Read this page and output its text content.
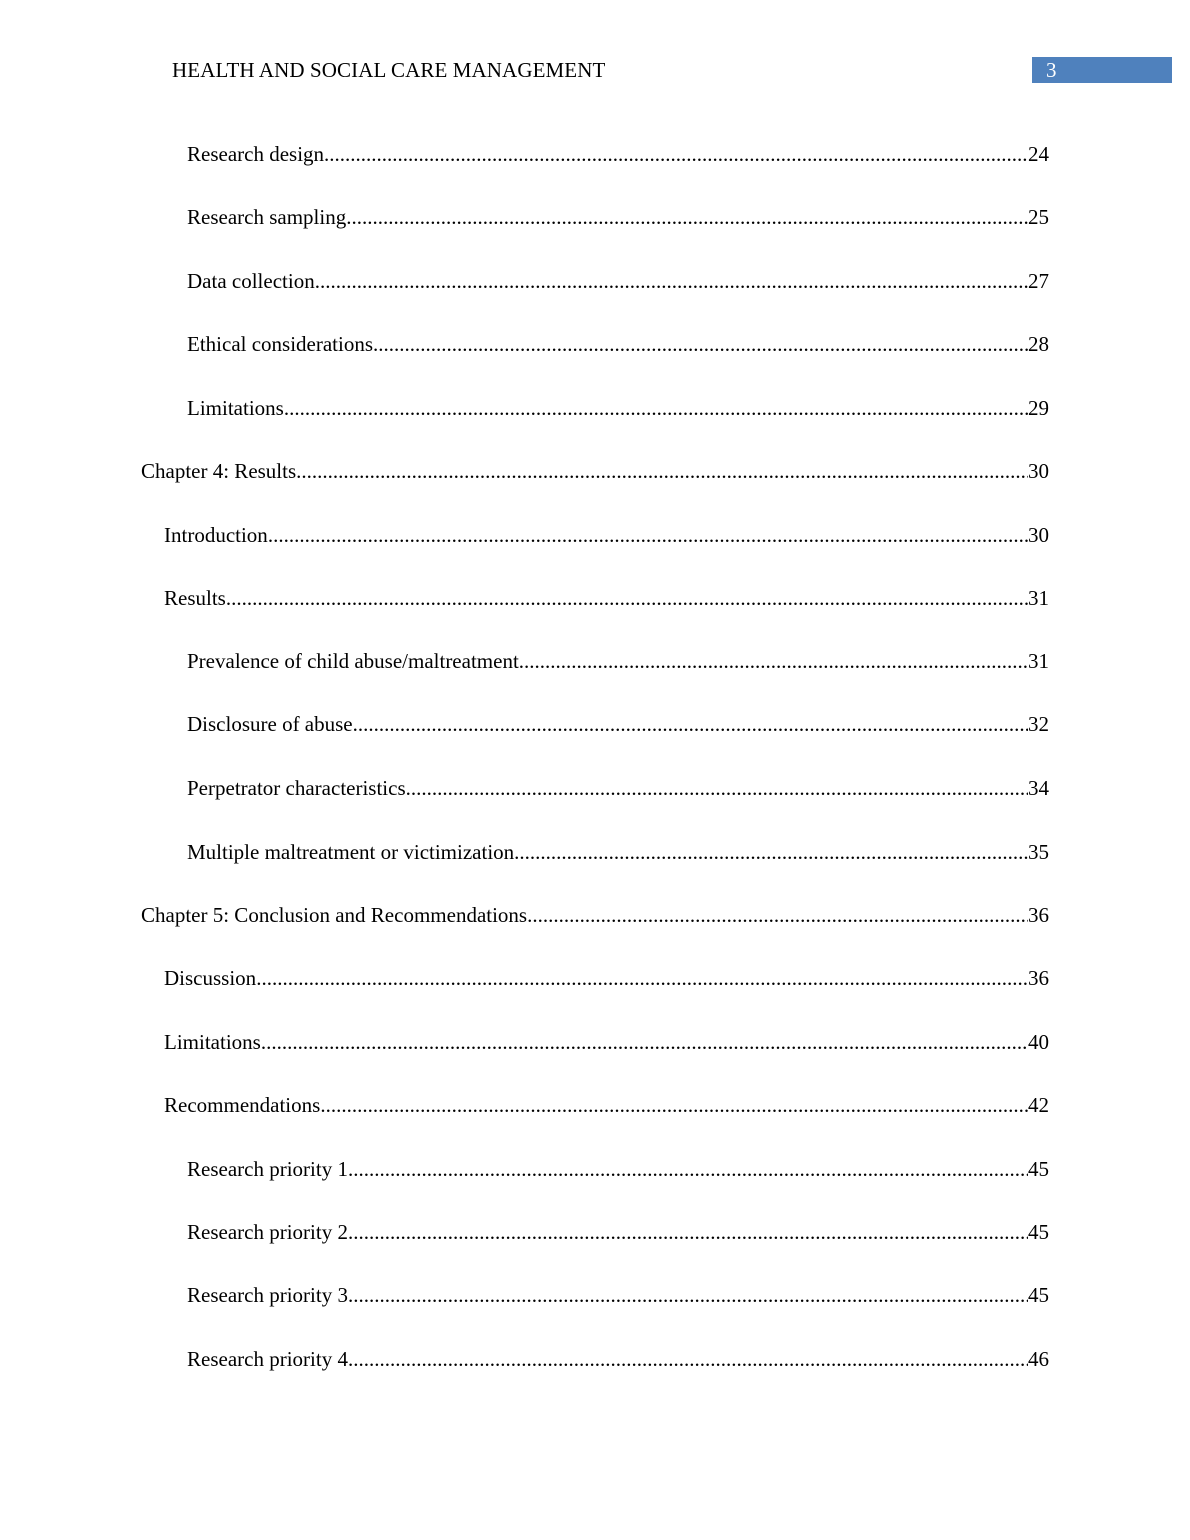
HEALTH AND SOCIAL CARE MANAGEMENT	3
Research design .....	24
Research sampling .....	25
Data collection .....	27
Ethical considerations .....	28
Limitations .....	29
Chapter 4: Results .....	30
Introduction .....	30
Results .....	31
Prevalence of child abuse/maltreatment .....	31
Disclosure of abuse .....	32
Perpetrator characteristics .....	34
Multiple maltreatment or victimization .....	35
Chapter 5: Conclusion and Recommendations .....	36
Discussion .....	36
Limitations .....	40
Recommendations .....	42
Research priority 1 .....	45
Research priority 2 .....	45
Research priority 3 .....	45
Research priority 4 .....	46
